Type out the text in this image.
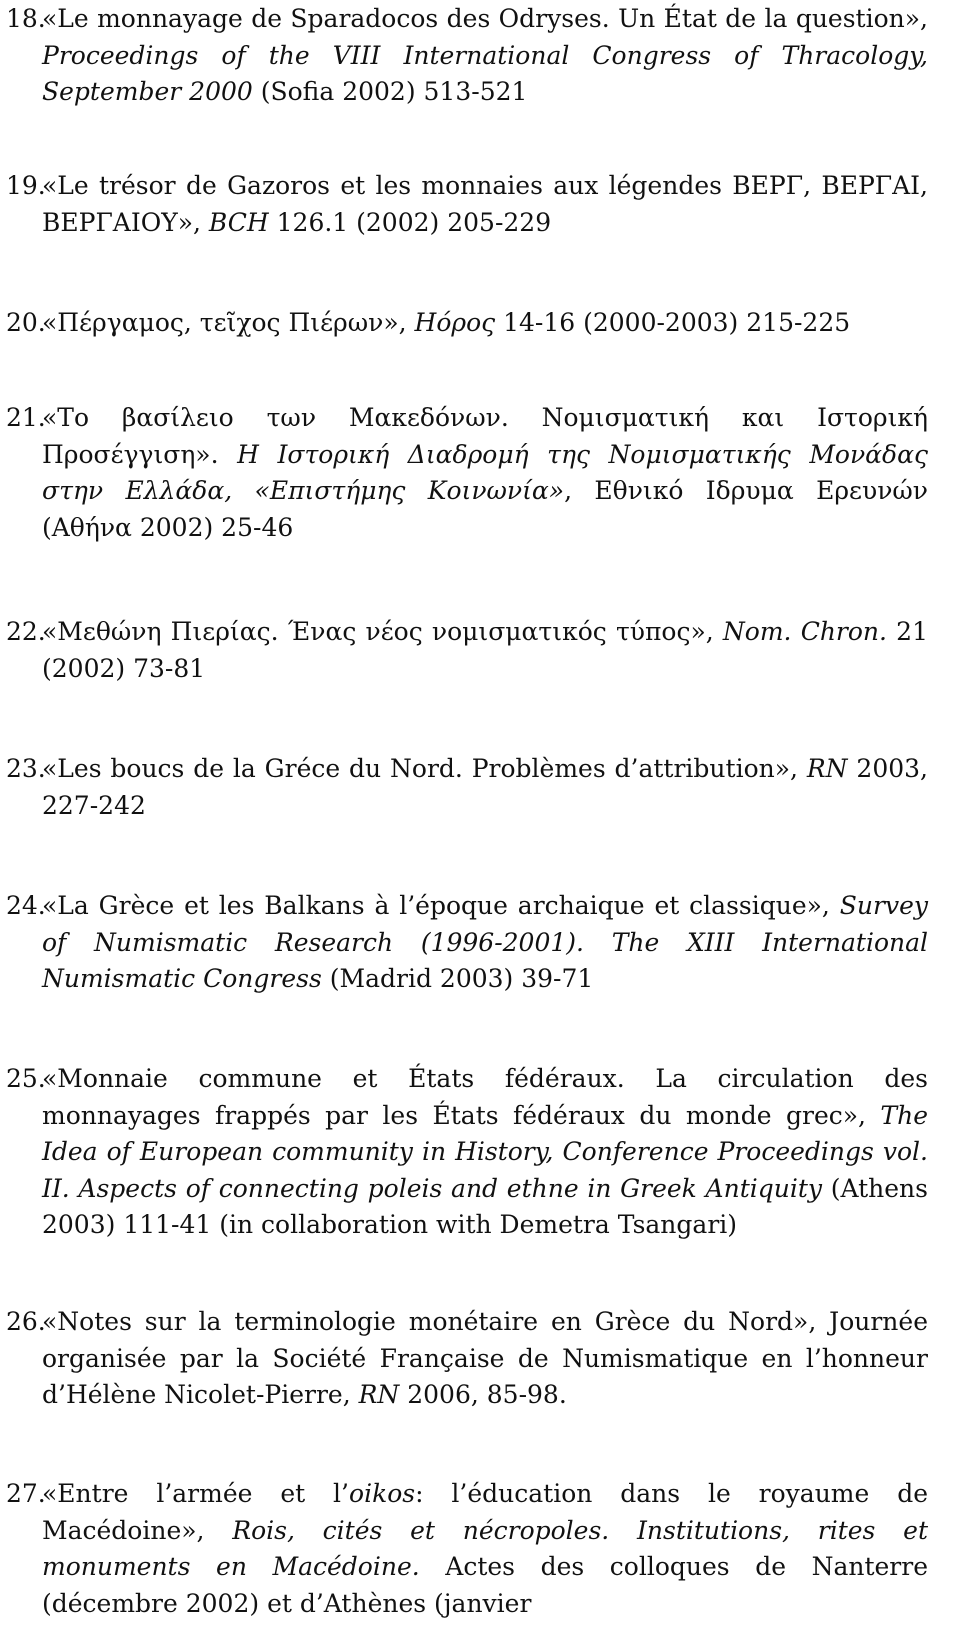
18.
«Le monnayage de Sparadocos des Odryses. Un État de la question», Proceedings of the VIII International Congress of Thracology, September 2000 (Sofia 2002) 513-521
19.
«Le trésor de Gazoros et les monnaies aux légendes ΒΕΡΓ, ΒΕΡΓΑΙ, ΒΕΡΓΑΙΟΥ», BCH 126.1 (2002) 205-229
20.
«Πέργαμος, τεῖχος Πιέρων», Ηόρος 14-16 (2000-2003) 215-225
21.
«Το βασίλειο των Μακεδόνων. Νομισματική και Ιστορική Προσέγγιση». Η Ιστορική Διαδρομή της Νομισματικής Μονάδας στην Ελλάδα, «Επιστήμης Κοινωνία», Εθνικό Ιδρυμα Ερευνών (Αθήνα 2002) 25-46
22.
«Μεθώνη Πιερίας. Ένας νέος νομισματικός τύπος», Nom. Chron. 21 (2002) 73-81
23.
«Les boucs de la Gréce du Nord. Problèmes d’attribution», RN 2003, 227-242
24.
«La Grèce et les Balkans à l’époque archaique et classique», Survey of Numismatic Research (1996-2001). The XIII International Numismatic Congress (Madrid 2003) 39-71
25.
«Monnaie commune et États fédéraux. La circulation des monnayages frappés par les États fédéraux du monde grec», The Idea of European community in History, Conference Proceedings vol. II. Aspects of connecting poleis and ethne in Greek Antiquity (Athens 2003) 111-41 (in collaboration with Demetra Tsangari)
26.
«Notes sur la terminologie monétaire en Grèce du Nord», Journée organisée par la Société Française de Numismatique en l’honneur d’Hélène Nicolet-Pierre, RN 2006, 85-98.
27.
«Entre l’armée et l’oikos: l’éducation dans le royaume de Macédoine», Rois, cités et nécropoles. Institutions, rites et monuments en Macédoine. Actes des colloques de Nanterre (décembre 2002) et d’Athènes (janvier
